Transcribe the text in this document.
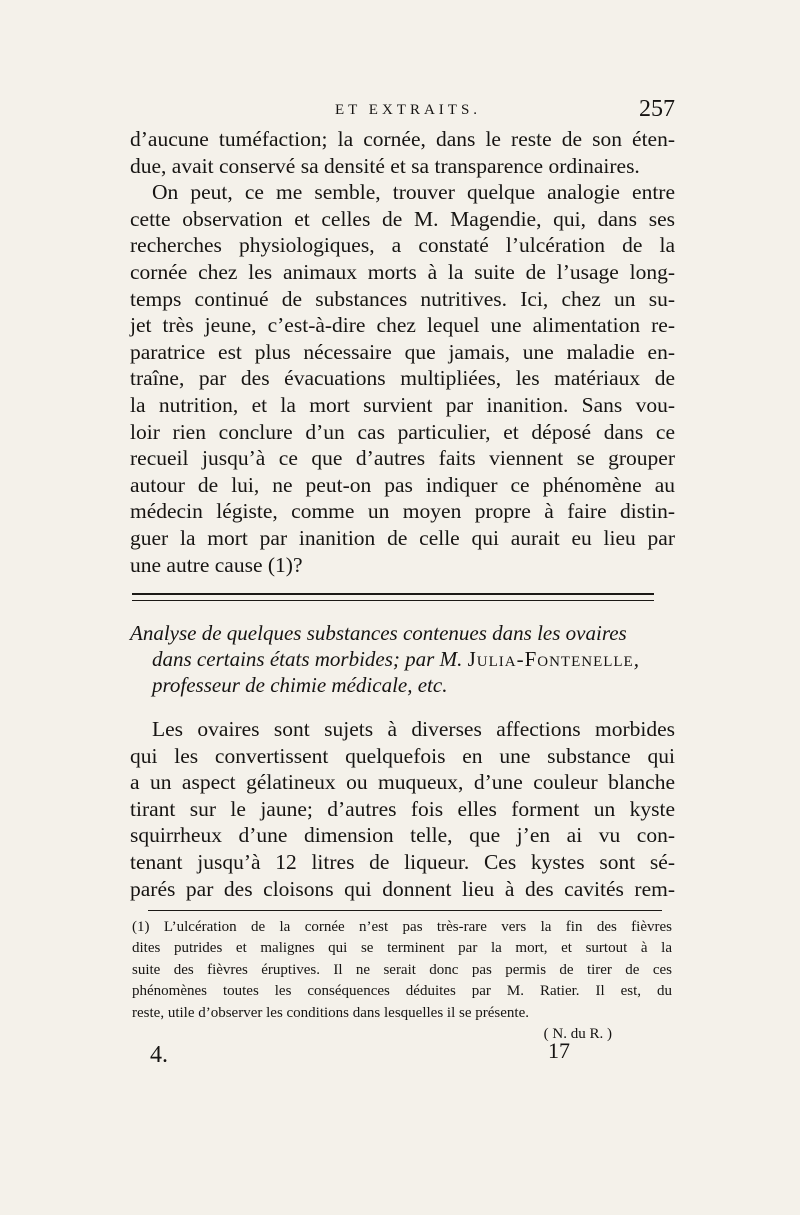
ET EXTRAITS.	257
d’aucune tuméfaction; la cornée, dans le reste de son éten-
due, avait conservé sa densité et sa transparence ordinaires.
On peut, ce me semble, trouver quelque analogie entre
cette observation et celles de M. Magendie, qui, dans ses
recherches physiologiques, a constaté l’ulcération de la
cornée chez les animaux morts à la suite de l’usage long-
temps continué de substances nutritives. Ici, chez un su-
jet très jeune, c’est-à-dire chez lequel une alimentation re-
paratrice est plus nécessaire que jamais, une maladie en-
traîne, par des évacuations multipliées, les matériaux de
la nutrition, et la mort survient par inanition. Sans vou-
loir rien conclure d’un cas particulier, et déposé dans ce
recueil jusqu’à ce que d’autres faits viennent se grouper
autour de lui, ne peut-on pas indiquer ce phénomène au
médecin légiste, comme un moyen propre à faire distin-
guer la mort par inanition de celle qui aurait eu lieu par
une autre cause (1)?
Analyse de quelques substances contenues dans les ovaires
dans certains états morbides; par M. Julia-Fontenelle,
professeur de chimie médicale, etc.
Les ovaires sont sujets à diverses affections morbides
qui les convertissent quelquefois en une substance qui
a un aspect gélatineux ou muqueux, d’une couleur blanche
tirant sur le jaune; d’autres fois elles forment un kyste
squirrheux d’une dimension telle, que j’en ai vu con-
tenant jusqu’à 12 litres de liqueur. Ces kystes sont sé-
parés par des cloisons qui donnent lieu à des cavités rem-
(1) L’ulcération de la cornée n’est pas très-rare vers la fin des fièvres
dites putrides et malignes qui se terminent par la mort, et surtout à la
suite des fièvres éruptives. Il ne serait donc pas permis de tirer de ces
phénomènes toutes les conséquences déduites par M. Ratier. Il est, du
reste, utile d’observer les conditions dans lesquelles il se présente.
( N. du R. )
4.	17
